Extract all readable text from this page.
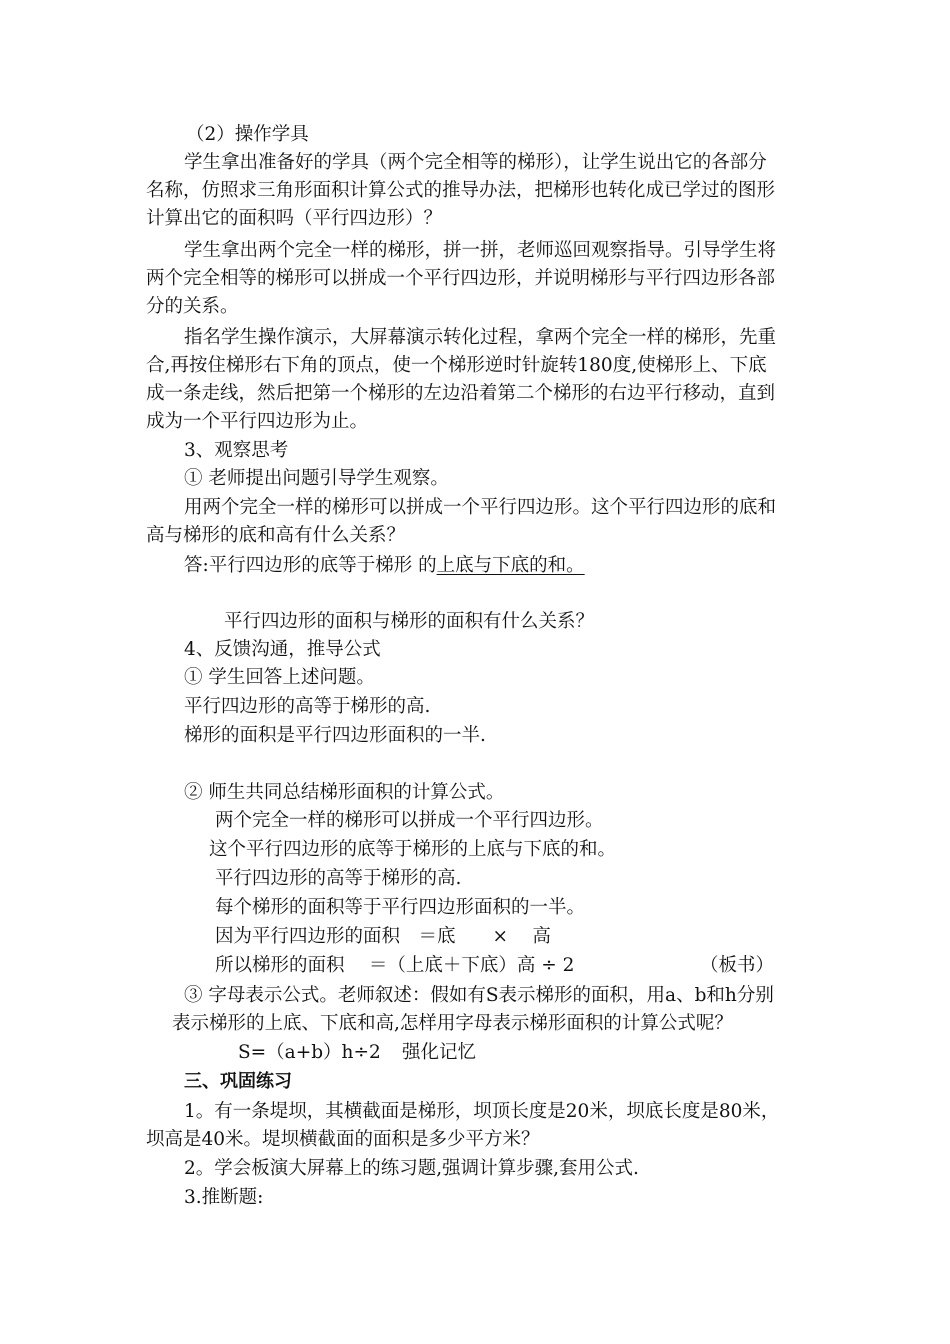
（2）操作学具
学生拿出准备好的学具（两个完全相等的梯形），让学生说出它的各部分
名称，仿照求三角形面积计算公式的推导办法，把梯形也转化成已学过的图形
计算出它的面积吗（平行四边形）？
学生拿出两个完全一样的梯形，拼一拼，老师巡回观察指导。引导学生将
两个完全相等的梯形可以拼成一个平行四边形，并说明梯形与平行四边形各部
分的关系。
指名学生操作演示，大屏幕演示转化过程，拿两个完全一样的梯形，先重
合,再按住梯形右下角的顶点，使一个梯形逆时针旋转180度,使梯形上、下底
成一条走线，然后把第一个梯形的左边沿着第二个梯形的右边平行移动，直到
成为一个平行四边形为止。
3、观察思考
① 老师提出问题引导学生观察。
用两个完全一样的梯形可以拼成一个平行四边形。这个平行四边形的底和
高与梯形的底和高有什么关系？
答:平行四边形的底等于梯形 的上底与下底的和。
平行四边形的面积与梯形的面积有什么关系？
4、反馈沟通，推导公式
① 学生回答上述问题。
平行四边形的高等于梯形的高.
梯形的面积是平行四边形面积的一半.
② 师生共同总结梯形面积的计算公式。
两个完全一样的梯形可以拼成一个平行四边形。
这个平行四边形的底等于梯形的上底与下底的和。
平行四边形的高等于梯形的高.
每个梯形的面积等于平行四边形面积的一半。
因为平行四边形的面积　＝底　　×　 高
所以梯形的面积　 ＝（上底＋下底）高 ÷ 2	（板书）
③ 字母表示公式。老师叙述：假如有S表示梯形的面积，用a、b和h分别
表示梯形的上底、下底和高,怎样用字母表示梯形面积的计算公式呢？
S=（a+b）h÷2 强化记忆
三、巩固练习
1。有一条堤坝，其横截面是梯形，坝顶长度是20米，坝底长度是80米，
坝高是40米。堤坝横截面的面积是多少平方米？
2。学会板演大屏幕上的练习题,强调计算步骤,套用公式.
3.推断题:
